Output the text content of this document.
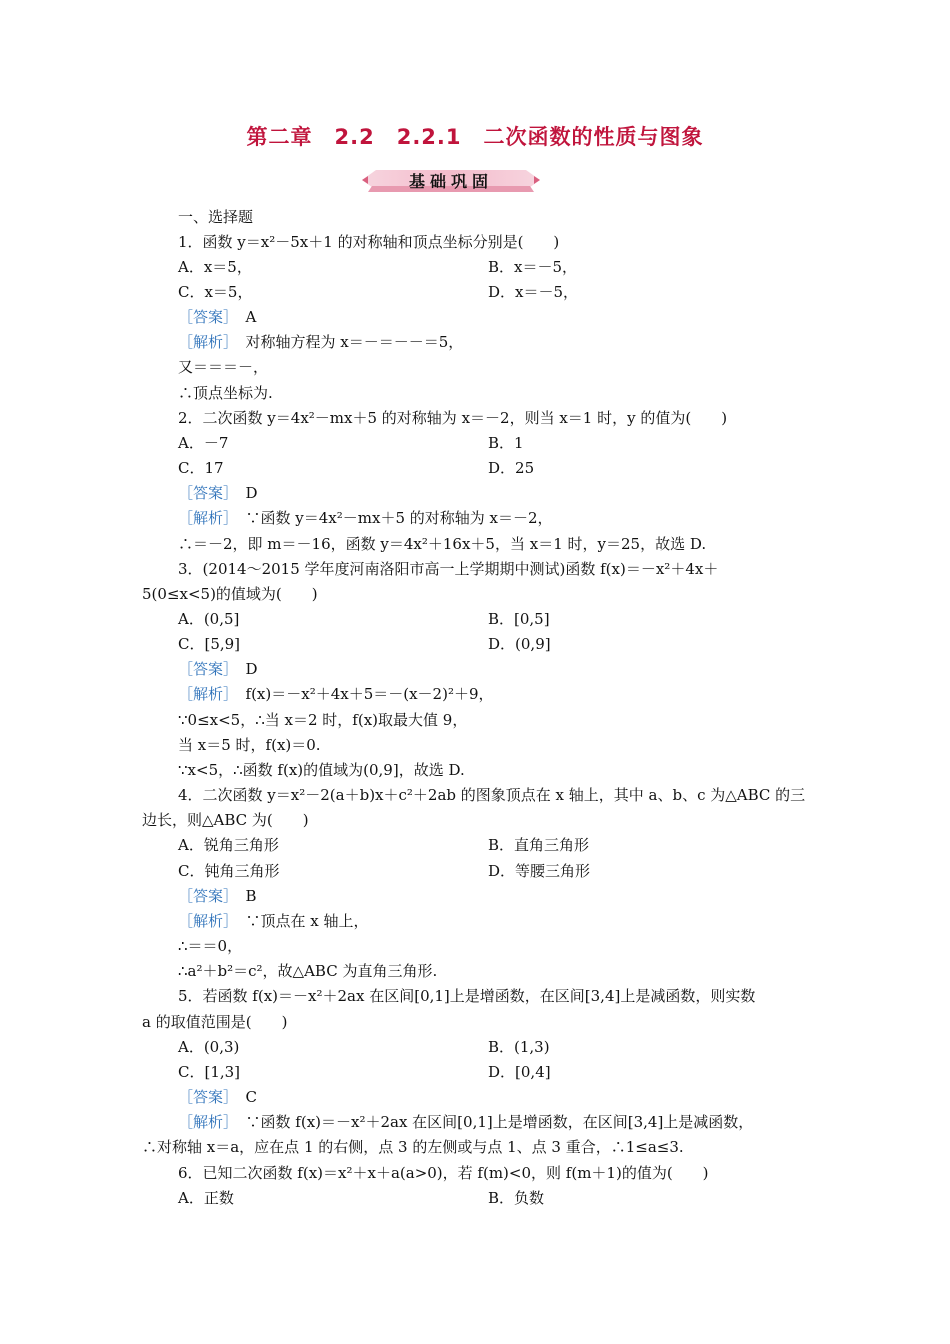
第二章　2.2　2.2.1　二次函数的性质与图象
基础巩固
一、选择题
1．函数 y＝x²－5x＋1 的对称轴和顶点坐标分别是(　　)
A．x＝5，	B．x＝－5，
C．x＝5，	D．x＝－5，
［答案］　A
［解析］　对称轴方程为 x＝－＝－－＝5，
又＝＝＝－，
∴顶点坐标为.
2．二次函数 y＝4x²－mx＋5 的对称轴为 x＝－2，则当 x＝1 时，y 的值为(　　)
A．－7	B．1
C．17	D．25
［答案］　D
［解析］　∵函数 y＝4x²－mx＋5 的对称轴为 x＝－2，
∴＝－2，即 m＝－16，函数 y＝4x²＋16x＋5，当 x＝1 时，y＝25，故选 D.
3．(2014～2015 学年度河南洛阳市高一上学期期中测试)函数 f(x)＝－x²＋4x＋
5(0≤x<5)的值域为(　　)
A．(0,5]	B．[0,5]
C．[5,9]	D．(0,9]
［答案］　D
［解析］　f(x)＝－x²＋4x＋5＝－(x－2)²＋9，
∵0≤x<5，∴当 x＝2 时，f(x)取最大值 9，
当 x＝5 时，f(x)＝0.
∵x<5，∴函数 f(x)的值域为(0,9]，故选 D.
4．二次函数 y＝x²－2(a＋b)x＋c²＋2ab 的图象顶点在 x 轴上，其中 a、b、c 为△ABC 的三
边长，则△ABC 为(　　)
A．锐角三角形	B．直角三角形
C．钝角三角形	D．等腰三角形
［答案］　B
［解析］　∵顶点在 x 轴上，
∴＝＝0，
∴a²＋b²＝c²，故△ABC 为直角三角形.
5．若函数 f(x)＝－x²＋2ax 在区间[0,1]上是增函数，在区间[3,4]上是减函数，则实数
a 的取值范围是(　　)
A．(0,3)	B．(1,3)
C．[1,3]	D．[0,4]
［答案］　C
［解析］　∵函数 f(x)＝－x²＋2ax 在区间[0,1]上是增函数，在区间[3,4]上是减函数，
∴对称轴 x＝a，应在点 1 的右侧，点 3 的左侧或与点 1、点 3 重合，∴1≤a≤3.
6．已知二次函数 f(x)＝x²＋x＋a(a>0)，若 f(m)<0，则 f(m＋1)的值为(　　)
A．正数	B．负数
